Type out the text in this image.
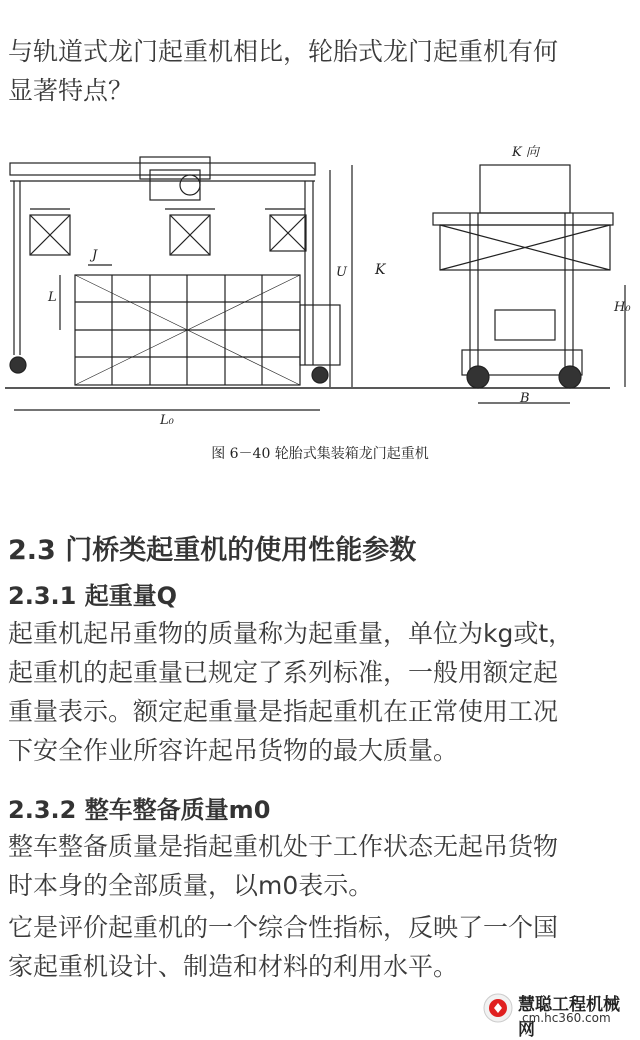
与轨道式龙门起重机相比，轮胎式龙门起重机有何
显著特点？

K 向
J
L
U K
L₀
H₀
B
图 6－40 轮胎式集装箱龙门起重机
2.3 门桥类起重机的使用性能参数
2.3.1 起重量Q

起重机起吊重物的质量称为起重量，单位为kg或t，
起重机的起重量已规定了系列标准，一般用额定起
重量表示。额定起重量是指起重机在正常使用工况
下安全作业所容许起吊货物的最大质量。

2.3.2 整车整备质量m0

整车整备质量是指起重机处于工作状态无起吊货物
时本身的全部质量，以m0表示。

它是评价起重机的一个综合性指标，反映了一个国
家起重机设计、制造和材料的利用水平。

慧聪工程机械网
cm.hc360.com
